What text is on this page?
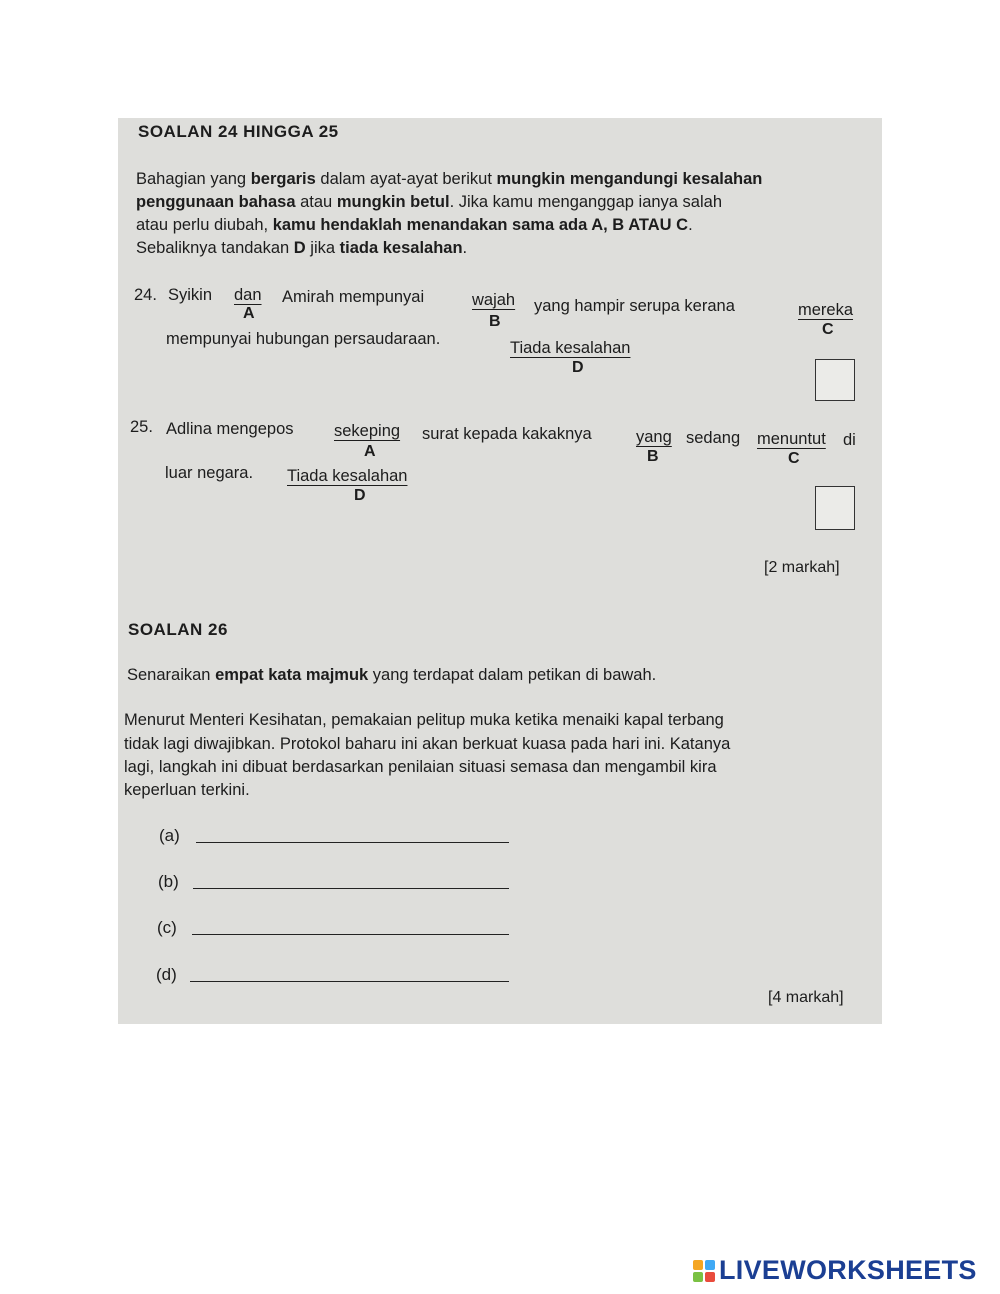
SOALAN 24 HINGGA 25
Bahagian yang bergaris dalam ayat-ayat berikut mungkin mengandungi kesalahan
penggunaan bahasa atau mungkin betul. Jika kamu menganggap ianya salah
atau perlu diubah, kamu hendaklah menandakan sama ada A, B ATAU C.
Sebaliknya tandakan D jika tiada kesalahan.
24. Syikin dan Amirah mempunyai	wajah yang hampir serupa kerana	mereka
A	B	C
mempunyai hubungan persaudaraan.	Tiada kesalahan
D
25. Adlina mengepos sekeping surat kepada kakaknya	yang sedang menuntut di
A	B	C
luar negara. Tiada kesalahan
D
[2 markah]
SOALAN 26
Senaraikan empat kata majmuk yang terdapat dalam petikan di bawah.
Menurut Menteri Kesihatan, pemakaian pelitup muka ketika menaiki kapal terbang
tidak lagi diwajibkan. Protokol baharu ini akan berkuat kuasa pada hari ini. Katanya
lagi, langkah ini dibuat berdasarkan penilaian situasi semasa dan mengambil kira
keperluan terkini.
(a)
(b)
(c)
(d)
[4 markah]
LIVEWORKSHEETS
